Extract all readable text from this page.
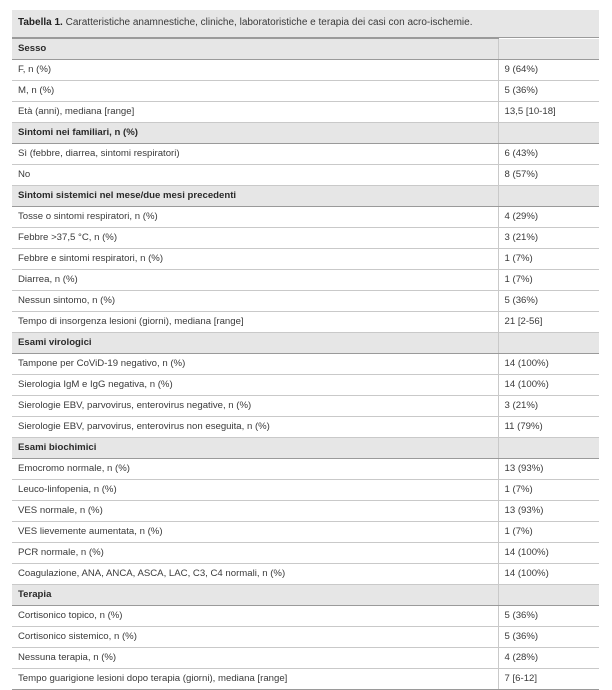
Tabella 1. Caratteristiche anamnestiche, cliniche, laboratoristiche e terapia dei casi con acro-ischemie.
Sesso	
F, n (%)	9 (64%)
M, n (%)	5 (36%)
Età (anni), mediana [range]	13,5 [10-18]
Sintomi nei familiari, n (%)	
Sì (febbre, diarrea, sintomi respiratori)	6 (43%)
No	8 (57%)
Sintomi sistemici nel mese/due mesi precedenti	
Tosse o sintomi respiratori, n (%)	4 (29%)
Febbre >37,5 °C, n (%)	3 (21%)
Febbre e sintomi respiratori, n (%)	1 (7%)
Diarrea, n (%)	1 (7%)
Nessun sintomo, n (%)	5 (36%)
Tempo di insorgenza lesioni (giorni), mediana [range]	21 [2-56]
Esami virologici	
Tampone per CoViD-19 negativo, n (%)	14 (100%)
Sierologia IgM e IgG negativa, n (%)	14 (100%)
Sierologie EBV, parvovirus, enterovirus negative, n (%)	3 (21%)
Sierologie EBV, parvovirus, enterovirus non eseguita, n (%)	11 (79%)
Esami biochimici	
Emocromo normale, n (%)	13 (93%)
Leuco-linfopenia, n (%)	1 (7%)
VES normale, n (%)	13 (93%)
VES lievemente aumentata, n (%)	1 (7%)
PCR normale, n (%)	14 (100%)
Coagulazione, ANA, ANCA, ASCA, LAC, C3, C4 normali, n (%)	14 (100%)
Terapia	
Cortisonico topico, n (%)	5 (36%)
Cortisonico sistemico, n (%)	5 (36%)
Nessuna terapia, n (%)	4 (28%)
Tempo guarigione lesioni dopo terapia (giorni), mediana [range]	7 [6-12]
